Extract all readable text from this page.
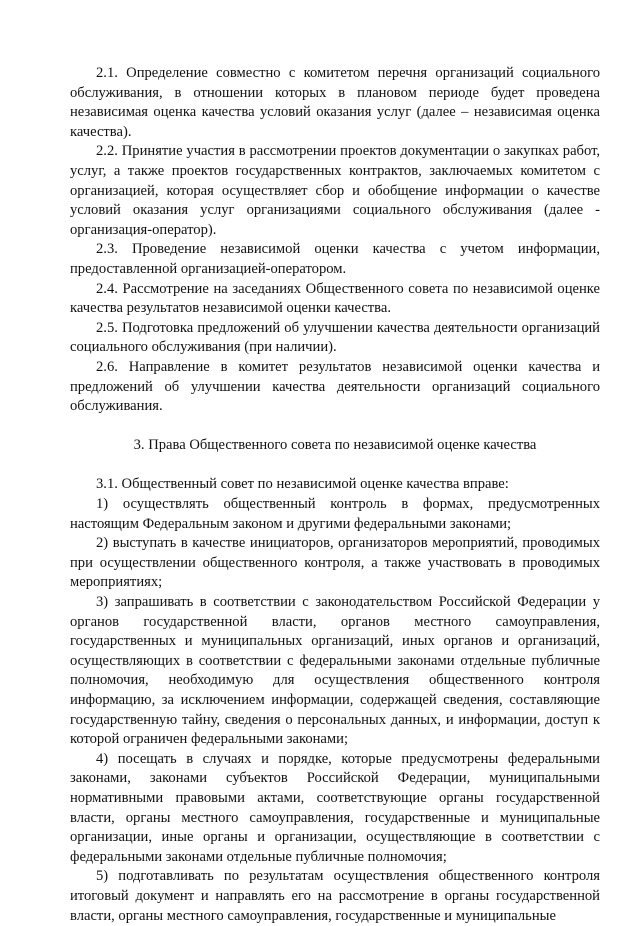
2.1. Определение совместно с комитетом перечня организаций социального обслуживания, в отношении которых в плановом периоде будет проведена независимая оценка качества условий оказания услуг (далее – независимая оценка качества).

2.2. Принятие участия в рассмотрении проектов документации о закупках работ, услуг, а также проектов государственных контрактов, заключаемых комитетом с организацией, которая осуществляет сбор и обобщение информации о качестве условий оказания услуг организациями социального обслуживания (далее - организация-оператор).

2.3. Проведение независимой оценки качества с учетом информации, предоставленной организацией-оператором.

2.4. Рассмотрение на заседаниях Общественного совета по независимой оценке качества результатов независимой оценки качества.

2.5. Подготовка предложений об улучшении качества деятельности организаций социального обслуживания (при наличии).

2.6. Направление в комитет результатов независимой оценки качества и предложений об улучшении качества деятельности организаций социального обслуживания.

3. Права Общественного совета по независимой оценке качества

3.1. Общественный совет по независимой оценке качества вправе:

1) осуществлять общественный контроль в формах, предусмотренных настоящим Федеральным законом и другими федеральными законами;

2) выступать в качестве инициаторов, организаторов мероприятий, проводимых при осуществлении общественного контроля, а также участвовать в проводимых мероприятиях;

3) запрашивать в соответствии с законодательством Российской Федерации у органов государственной власти, органов местного самоуправления, государственных и муниципальных организаций, иных органов и организаций, осуществляющих в соответствии с федеральными законами отдельные публичные полномочия, необходимую для осуществления общественного контроля информацию, за исключением информации, содержащей сведения, составляющие государственную тайну, сведения о персональных данных, и информации, доступ к которой ограничен федеральными законами;

4) посещать в случаях и порядке, которые предусмотрены федеральными законами, законами субъектов Российской Федерации, муниципальными нормативными правовыми актами, соответствующие органы государственной власти, органы местного самоуправления, государственные и муниципальные организации, иные органы и организации, осуществляющие в соответствии с федеральными законами отдельные публичные полномочия;

5) подготавливать по результатам осуществления общественного контроля итоговый документ и направлять его на рассмотрение в органы государственной власти, органы местного самоуправления, государственные и муниципальные
